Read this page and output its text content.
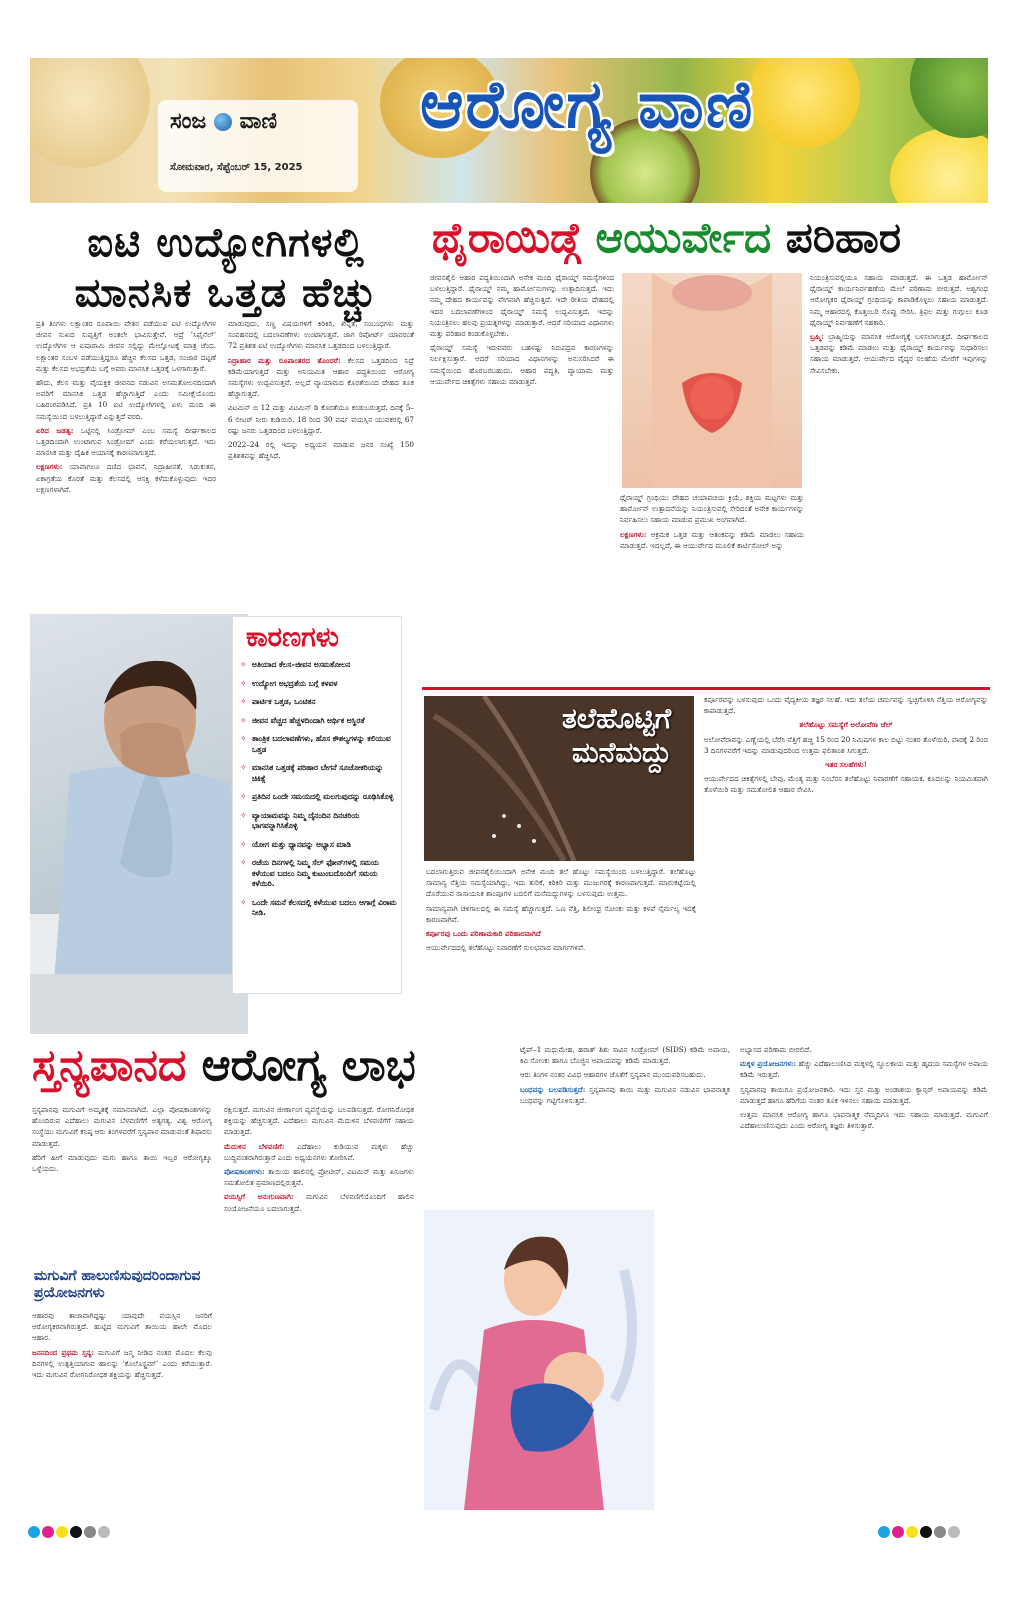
ಸಂಜ ವಾಣಿ
ಸೋಮವಾರ, ಸೆಪ್ಟೆಂಬರ್ 15, 2025
ಆರೋಗ್ಯ ವಾಣಿ
ಐಟಿ ಉದ್ಯೋಗಿಗಳಲ್ಲಿ
ಮಾನಸಿಕ ಒತ್ತಡ ಹೆಚ್ಚು

ಪ್ರತಿ ತಿಂಗಳು ಲಕ್ಷಾಂತರ ರೂಪಾಯಿ ವೇತನ ಪಡೆಯುವ ಐಟಿ ಉದ್ಯೋಗಿಗಳ ಜೀವನ ಸುಖದ ಸುಪ್ಪತ್ತಿಗೆ ಅಂತಲೇ ಭಾವಿಸುತ್ತೇವೆ. ಆದ್ರೆ 'ಸಿಫೈನೆಲ್' ಉದ್ಯೋಗಿಗಳ ಆ ಐಷಾರಾಮಿ ಜೀವನ ಸಲ್ಪಿದ್ದು ಮೇಲ್ನೋಟಕ್ಕೆ ಮಾತ್ರ ಚೆಂದ. ಲಕ್ಷಾಂತರ ಸಂಬಳ ಪಡೆಯುತ್ತಿದ್ದರೂ ಹೆಚ್ಚಿನ ಕೆಲಸದ ಒತ್ತಡ, ಸಂಜಾರ ದಟ್ಟಣೆ ಮತ್ತು ಕೆಲಸದ ಅಭದ್ರತೆಯ ಬಗ್ಗೆ ಅವರು ಮಾನಸಿಕ ಒತ್ತಡಕ್ಕೆ ಒಳಗಾಗುತ್ತಾರೆ.

ಹೌದು, ಕೆಲಸ ಮತ್ತು ವೈಯಕ್ತಿಕ ಜೀವನದ ನಡುವಿನ ಅಸಮತೋಲನದಿಂದಾಗಿ ಅವರಿಗೆ ಮಾನಸಿಕ ಒತ್ತಡ ಹೆಚ್ಚಾಗುತ್ತಿದೆ ಎಂದು ಸಮೀಕ್ಷೆಯೊಂದು ಬಹಿರಂಗಪಡಿಸಿದೆ. ಪ್ರತಿ 10 ಐಟಿ ಉದ್ಯೋಗಿಗಳಲ್ಲಿ ಏಳು ಮಂದಿ ಈ ಸಮಸ್ಯೆಯಿಂದ ಬಳಲುತ್ತಿದ್ದಾರೆ ಎನ್ನುತ್ತದೆ ವರದಿ.

ಏರಿದ ಜಡತ್ವ: ಒಟ್ಟಿನಲ್ಲಿ ಸಿಂಡ್ರೋಮ್ ಎಂಬ ಸಮಸ್ಯೆ ದೀರ್ಘಕಾಲದ ಒತ್ತಡದಿಂದಾಗಿ ಉಂಟಾಗುವ ಸಿಂಡ್ರೋಮ್ ಎಂದು ಕರೆಯಲಾಗುತ್ತದೆ. ಇದು ಮಾನಸಿಕ ಮತ್ತು ದೈಹಿಕ ಆಯಾಸಕ್ಕೆ ಕಾರಣವಾಗುತ್ತದೆ.

ಲಕ್ಷಣಗಳು: ಯಾವಾಗಲೂ ದಣಿದ ಭಾವನೆ, ನಿದ್ರಾಹೀನತೆ, ಸಿಡುಕುತನ, ಏಕಾಗ್ರತೆಯ ಕೊರತೆ ಮತ್ತು ಕೆಲಸದಲ್ಲಿ ಆಸಕ್ತಿ ಕಳೆದುಕೊಳ್ಳುವುದು ಇದರ ಲಕ್ಷಣಗಳಾಗಿವೆ.

ಮಾಡುವುದು, ಸಣ್ಣ ವಿಷಯಗಳಿಗೆ ಕಿರಿಕಿರಿ, ಖಿನ್ನತೆ, ಸಂಬಂಧಗಳು ಮತ್ತು ಸಂವಹನದಲ್ಲಿ ಬದಲಾವಣೆಗಳು ಉಂಟಾಗುತ್ತವೆ. ಜಾಗ ರಿಪೋರ್ಟ್ ಯಾವರಂತೆ 72 ಪ್ರತಿಶತ ಐಟಿ ಉದ್ಯೋಗಿಗಳು ಮಾನಸಿಕ ಒತ್ತಡದಿಂದ ಬಳಲುತ್ತಿದ್ದಾರೆ.

ನಿದ್ರಾಹಾರ ಮತ್ತು ರೂಪಾಂತರದ ತೊಂದರೆ: ಕೆಲಸದ ಒತ್ತಡದಿಂದ ನಿದ್ರೆ ಕಡಿಮೆಯಾಗುತ್ತದೆ ಮತ್ತು ಅನಿಯಮಿತ ಆಹಾರ ಪದ್ಧತಿಯಿಂದ ಆರೋಗ್ಯ ಸಮಸ್ಯೆಗಳು ಉದ್ಭವಿಸುತ್ತವೆ. ಅಲ್ಲದೆ ವ್ಯಾಯಾಮದ ಕೊರತೆಯಿಂದ ದೇಹದ ತೂಕ ಹೆಚ್ಚಾಗುತ್ತದೆ.

ವಿಟಮಿನ್ ಬಿ 12 ಮತ್ತು ವಿಟಮಿನ್ ಡಿ ಕೊರತೆಯೂ ಕಂಡುಬರುತ್ತದೆ. ದಿನಕ್ಕೆ 5–6 ಲೀಟರ್ ನೀರು ಕುಡಿಯಿರಿ. 18 ರಿಂದ 30 ವರ್ಷ ವಯಸ್ಸಿನ ಯುವಕರಲ್ಲಿ 67 ರಷ್ಟು ಜನರು ಒತ್ತಡದಿಂದ ಬಳಲುತ್ತಿದ್ದಾರೆ.

2022–24 ರಲ್ಲಿ ಇದನ್ನು ಅಧ್ಯಯನ ಮಾಡುವ ಜನರ ಸಂಖ್ಯೆ 150 ಪ್ರತಿಶತವನ್ನು ಹೆಚ್ಚಿಸಿದೆ.

ಕಾರಣಗಳು
✧ ಅತಿಯಾದ ಕೆಲಸ–ಜೀವನ ಅಸಮತೋಲನ
✧ ಉದ್ಯೋಗ ಅಭದ್ರತೆಯ ಬಗ್ಗೆ ಕಳವಳ
✧ ಪಾರ್ಟಿಕ ಒತ್ತಡ, ಒಂಟಿತನ
✧ ಜೀವನ ವೆಚ್ಚದ ಹೆಚ್ಚಳದಿಂದಾಗಿ ಆರ್ಥಿಕ ಅಸ್ಥಿರತೆ
✧ ತಾಂತ್ರಿಕ ಬದಲಾವಣೆಗಳು, ಹೊಸ ಕೌಶಲ್ಯಗಳನ್ನು ಕಲಿಯುವ ಒತ್ತಡ
✧ ಮಾನಸಿಕ ಒತ್ತಡಕ್ಕೆ ಪರಿಹಾರ ಬೇಗನೆ ಸೂಚೋಕರಿಯನ್ನು ಚಿಕಿತ್ಸೆ
✧ ಪ್ರತಿದಿನ ಒಂದೇ ಸಮಯದಲ್ಲಿ ಮಲಗುವುದನ್ನು ರೂಢಿಸಿಕೊಳ್ಳಿ
✧ ವ್ಯಾಯಾಮವನ್ನು ನಿಮ್ಮ ದೈನಂದಿನ ದಿನಚರಿಯ ಭಾಗವನ್ನಾಗಿಸಿಕೊಳ್ಳಿ
✧ ಯೋಗ ಮತ್ತು ಧ್ಯಾನವನ್ನು ಅಭ್ಯಾಸ ಮಾಡಿ
✧ ರಜೆಯ ದಿನಗಳಲ್ಲಿ ನಿಮ್ಮ ಸೆಲ್ ಫೋನ್‌ಗಳಲ್ಲಿ ಸಮಯ ಕಳೆಯುವ ಬದಲು ನಿಮ್ಮ ಕುಟುಂಬದೊಂದಿಗೆ ಸಮಯ ಕಳೆಯಿರಿ.
✧ ಒಂದೇ ಸಮನೆ ಕೆಲಸದಲ್ಲಿ ಕಳೆಯುವ ಬದಲು ಆಗಾಗ್ಗೆ ವಿರಾಮ ನೀಡಿ.
ಥೈರಾಯಿಡ್ ಆಯುರ್ವೇದ ಪರಿಹಾರ

ಜೀವನಶೈಲಿ ಆಹಾರ ಪದ್ಧತಿಯಿಂದಾಗಿ ಅನೇಕ ಮಂದಿ ಥೈರಾಯ್ಡ್ ಸಮಸ್ಯೆಗಳಿಂದ ಬಳಲುತ್ತಿದ್ದಾರೆ. ಥೈರಾಯ್ಡ್ ನಮ್ಮ ಹಾರ್ಮೋನುಗಳನ್ನು ಉತ್ಪಾದಿಸುತ್ತದೆ. ಇದು ನಮ್ಮ ದೇಹದ ಕಾರ್ಯವನ್ನು ವೇಗವಾಗಿ ಹೆಚ್ಚಿಸುತ್ತದೆ. ಇದೇ ರೀತಿಯ ದೇಹದಲ್ಲಿ ಇದರ ಬದಲಾವಣೆಗಳಿಂದ ಥೈರಾಯ್ಡ್ ಸಮಸ್ಯೆ ಉದ್ಭವಿಸುತ್ತದೆ. ಇದನ್ನು ನಿಯಂತ್ರಿಸಲು ಹಲವು ಪ್ರಯತ್ನಗಳನ್ನು ಮಾಡುತ್ತಾರೆ. ಆದರೆ ಸರಿಯಾದ ವಿಧಾನಗಳು ಮತ್ತು ಪರಿಹಾರ ಕಂಡುಕೊಳ್ಳಬೇಕು.

ಥೈರಾಯ್ಡ್ ಸಮಸ್ಯೆ ಇರುವವರು ಬಹಳಷ್ಟು ನಿರುಪದ್ರವ ಕಾರಣಗಳನ್ನು ನಿರ್ಲಕ್ಷಿಸುತ್ತಾರೆ. ಆದರೆ ಸರಿಯಾದ ವಿಧಾನಗಳನ್ನು ಅನುಸರಿಸಿದರೆ ಈ ಸಮಸ್ಯೆಯಿಂದ ಹೊರಬರಬಹುದು. ಆಹಾರ ಪದ್ಧತಿ, ವ್ಯಾಯಾಮ ಮತ್ತು ಆಯುರ್ವೇದ ಚಿಕಿತ್ಸೆಗಳು ಸಹಾಯ ಮಾಡುತ್ತವೆ.

ಥೈರಾಯ್ಡ್ ಗ್ರಂಥಿಯು ದೇಹದ ಚಯಾಪಚಯ ಕ್ರಿಯೆ, ಶಕ್ತಿಯ ಮಟ್ಟಗಳು ಮತ್ತು ಹಾರ್ಮೋನ್ ಉತ್ಪಾದನೆಯನ್ನು ನಿಯಂತ್ರಿಸುವಲ್ಲಿ ಸೇರಿದಂತೆ ಅನೇಕ ಕಾರ್ಯಗಳನ್ನು ನಿರ್ವಹಿಸಲು ಸಹಾಯ ಮಾಡುವ ಪ್ರಮುಖ ಅಂಗವಾಗಿದೆ.

ಲಕ್ಷಣಗಳು: ಆಕ್ರಮಕ ಒತ್ತಡ ಮತ್ತು ಆತಂಕವನ್ನು ಕಡಿಮೆ ಮಾಡಲು ಸಹಾಯ ಮಾಡುತ್ತದೆ. ಇದಲ್ಲದೆ, ಈ ಆಯುರ್ವೇದ ಮೂಲಿಕೆ ಕಾರ್ಟಿಸೋಲ್ ಅನ್ನು

ನಿಯಂತ್ರಿಸುವಲ್ಲಿಯೂ ಸಹಾಯ ಮಾಡುತ್ತದೆ. ಈ ಒತ್ತಡ ಹಾರ್ಮೋನ್ ಥೈರಾಯ್ಡ್ ಕಾರ್ಯನಿರ್ವಹಣೆಯ ಮೇಲೆ ಪರಿಣಾಮ ಬೀರುತ್ತದೆ. ಅಶ್ವಗಂಧ ಆರೋಗ್ಯಕರ ಥೈರಾಯ್ಡ್ ಗ್ರಂಥಿಯನ್ನು ಕಾಪಾಡಿಕೊಳ್ಳಲು ಸಹಾಯ ಮಾಡುತ್ತದೆ. ನಿಮ್ಮ ಆಹಾರದಲ್ಲಿ ಕೊತ್ತಂಬರಿ ಸೊಪ್ಪು ಸೇರಿಸಿ. ತ್ರಿಫಲ ಮತ್ತು ಗುಗ್ಗುಲು ಕೂಡ ಥೈರಾಯ್ಡ್ ನಿರ್ವಹಣೆಗೆ ಸಹಕಾರಿ.

ಬ್ರಹ್ಮಿ: ಬ್ರಾಹ್ಮಿಯನ್ನು ಮಾನಸಿಕ ಆರೋಗ್ಯಕ್ಕೆ ಬಳಸಲಾಗುತ್ತದೆ. ದೀರ್ಘಕಾಲದ ಒತ್ತಡವನ್ನು ಕಡಿಮೆ ಮಾಡಲು ಮತ್ತು ಥೈರಾಯ್ಡ್ ಕಾರ್ಯವನ್ನು ಸುಧಾರಿಸಲು ಸಹಾಯ ಮಾಡುತ್ತದೆ. ಆಯುರ್ವೇದ ವೈದ್ಯರ ಸಲಹೆಯ ಮೇರೆಗೆ ಇವುಗಳನ್ನು ಸೇವಿಸಬೇಕು.

ತಲೆಹೊಟ್ಟಿಗೆ
ಮನೆಮದ್ದು

ಬದಲಾಗುತ್ತಿರುವ ಜೀವನಶೈಲಿಯಿಂದಾಗಿ ಅನೇಕ ಮಂದಿ ತಲೆ ಹೊಟ್ಟು ಸಮಸ್ಯೆಯಿಂದ ಬಳಲುತ್ತಿದ್ದಾರೆ. ತಲೆಹೊಟ್ಟು ಸಾಮಾನ್ಯ ನೆತ್ತಿಯ ಸಮಸ್ಯೆಯಾಗಿದ್ದು, ಇದು ತುರಿಕೆ, ಕಿರಿಕಿರಿ ಮತ್ತು ಮುಜುಗರಕ್ಕೆ ಕಾರಣವಾಗುತ್ತದೆ. ಮಾರುಕಟ್ಟೆಯಲ್ಲಿ ದೊರೆಯುವ ರಾಸಾಯನಿಕ ಶಾಂಪೂಗಳ ಬದಲಿಗೆ ಮನೆಮದ್ದುಗಳನ್ನು ಬಳಸುವುದು ಉತ್ತಮ.

ಸಾಮಾನ್ಯವಾಗಿ ಚಳಿಗಾಲದಲ್ಲಿ ಈ ಸಮಸ್ಯೆ ಹೆಚ್ಚಾಗುತ್ತದೆ. ಒಣ ನೆತ್ತಿ, ಶಿಲೀಂಧ್ರ ಸೋಂಕು ಮತ್ತು ಕಳಪೆ ನೈರ್ಮಲ್ಯ ಇದಕ್ಕೆ ಕಾರಣವಾಗಿವೆ.

ಕರ್ಪೂರವು ಒಂದು ಪರಿಣಾಮಕಾರಿ ಪರಿಹಾರವಾಗಿದೆ

ಆಯುರ್ವೇದದಲ್ಲಿ ತಲೆಹೊಟ್ಟು ನಿವಾರಣೆಗೆ ಸುಲಭವಾದ ಮಾರ್ಗಗಳಿವೆ.

ಕರ್ಪೂರವನ್ನು ಬಳಸುವುದು ಒಂದು ವೈದ್ಯಕೀಯ ತಜ್ಞರ ಸಲಹೆ. ಇದು ತಲೆಯ ಚರ್ಮವನ್ನು ಸ್ವಚ್ಛಗೊಳಿಸಿ ನೆತ್ತಿಯ ಆರೋಗ್ಯವನ್ನು ಕಾಪಾಡುತ್ತದೆ.

ತಲೆಹೊಟ್ಟು ಸಮಸ್ಯೆಗೆ ಅಲೋವೆರಾ ಜೆಲ್

ಅಲೋವೆರಾವನ್ನು ಎಣ್ಣೆಯಲ್ಲಿ ಬೆರೆಸಿ ನೆತ್ತಿಗೆ ಹಚ್ಚಿ 15 ರಿಂದ 20 ನಿಮಿಷಗಳ ಕಾಲ ಬಿಟ್ಟು ನಂತರ ತೊಳೆಯಿರಿ. ವಾರಕ್ಕೆ 2 ರಿಂದ 3 ದಿನಗಳವರೆಗೆ ಇದನ್ನು ಮಾಡುವುದರಿಂದ ಉತ್ತಮ ಫಲಿತಾಂಶ ಸಿಗುತ್ತದೆ.

ಇತರ ಸಲಹೆಗಳು!

ಆಯುರ್ವೇದದ ಚಿಕಿತ್ಸೆಗಳಲ್ಲಿ ಬೇವು, ಮೆಂತ್ಯ ಮತ್ತು ನಿಂಬೆರಸ ತಲೆಹೊಟ್ಟು ನಿವಾರಣೆಗೆ ಸಹಾಯಕ. ಕೂದಲನ್ನು ನಿಯಮಿತವಾಗಿ ತೊಳೆಯಿರಿ ಮತ್ತು ಸಮತೋಲಿತ ಆಹಾರ ಸೇವಿಸಿ.

ಸ್ತನ್ಯಪಾನದ ಆರೋಗ್ಯ ಲಾಭ

ಸ್ತನ್ಯಪಾನವು ಮಗುವಿಗೆ ಅಮೃತಕ್ಕೆ ಸಮಾನವಾಗಿದೆ. ಎಲ್ಲಾ ಪೋಷಕಾಂಶಗಳನ್ನು ಹೊಂದಿರುವ ಎದೆಹಾಲು ಮಗುವಿನ ಬೆಳವಣಿಗೆಗೆ ಅತ್ಯಗತ್ಯ. ವಿಶ್ವ ಆರೋಗ್ಯ ಸಂಸ್ಥೆಯು ಮಗುವಿಗೆ ಕನಿಷ್ಠ ಆರು ತಿಂಗಳವರೆಗೆ ಸ್ತನ್ಯಪಾನ ಮಾಡುವಂತೆ ಶಿಫಾರಸು ಮಾಡುತ್ತದೆ.

ಹೆರಿಗೆ ಹೀಗೆ ಮಾಡುವುದು ಮಗು ಹಾಗೂ ತಾಯಿ ಇಬ್ಬರ ಆರೋಗ್ಯಕ್ಕೂ ಒಳ್ಳೆಯದು.

ಮಗುವಿಗೆ ಹಾಲುಣಿಸುವುದರಿಂದಾಗುವ ಪ್ರಯೋಜನಗಳು

ಆಹಾರವು ತಾಜಾವಾಗಿದ್ದಷ್ಟು ಯಾವುದೇ ವಯಸ್ಸಿನ ಜನರಿಗೆ ಆರೋಗ್ಯಕರವಾಗಿರುತ್ತದೆ. ಹುಟ್ಟಿದ ಮಗುವಿಗೆ ತಾಯಿಯ ಹಾಲೇ ಮೊದಲ ಆಹಾರ.

ಜನನದಿಂದ ಪ್ರಥಮ ಸ್ತನ್ಯ: ಮಗುವಿಗೆ ಜನ್ಮ ನೀಡಿದ ನಂತರ ಮೊದಲ ಕೆಲವು ದಿನಗಳಲ್ಲಿ ಉತ್ಪತ್ತಿಯಾಗುವ ಹಾಲನ್ನು 'ಕೊಲೊಸ್ಟ್ರಮ್' ಎಂದು ಕರೆಯುತ್ತಾರೆ. ಇದು ಮಗುವಿನ ರೋಗನಿರೋಧಕ ಶಕ್ತಿಯನ್ನು ಹೆಚ್ಚಿಸುತ್ತದೆ.

ರಕ್ಷಿಸುತ್ತದೆ. ಮಗುವಿನ ಜೀರ್ಣಾಂಗ ವ್ಯವಸ್ಥೆಯನ್ನು ಬಲಪಡಿಸುತ್ತದೆ. ರೋಗನಿರೋಧಕ ಶಕ್ತಿಯನ್ನು ಹೆಚ್ಚಿಸುತ್ತದೆ. ಎದೆಹಾಲು ಮಗುವಿನ ಮೆದುಳಿನ ಬೆಳವಣಿಗೆಗೆ ಸಹಾಯ ಮಾಡುತ್ತದೆ.

ಮೆದುಳಿನ ಬೆಳವಣಿಗೆ: ಎದೆಹಾಲು ಕುಡಿಯುವ ಮಕ್ಕಳು ಹೆಚ್ಚು ಬುದ್ಧಿವಂತರಾಗಿರುತ್ತಾರೆ ಎಂದು ಅಧ್ಯಯನಗಳು ತೋರಿಸಿವೆ.

ಪೋಷಕಾಂಶಗಳು: ತಾಯಿಯ ಹಾಲಿನಲ್ಲಿ ಪ್ರೋಟೀನ್, ವಿಟಮಿನ್ ಮತ್ತು ಖನಿಜಗಳು ಸಮತೋಲಿತ ಪ್ರಮಾಣದಲ್ಲಿರುತ್ತವೆ.

ವಯಸ್ಸಿಗೆ ಅನುಗುಣವಾಗಿ: ಮಗುವಿನ ಬೆಳವಣಿಗೆಯೊಂದಿಗೆ ಹಾಲಿನ ಸಂಯೋಜನೆಯೂ ಬದಲಾಗುತ್ತದೆ.

ಟೈಪ್–1 ಮಧುಮೇಹ, ಹಠಾತ್ ಶಿಶು ಸಾವಿನ ಸಿಂಡ್ರೋಮ್ (SIDS) ಕಡಿಮೆ ಅಪಾಯ, ಕಿವಿ ಸೋಂಕು ಹಾಗೂ ಬೊಜ್ಜಿನ ಅಪಾಯವನ್ನು ಕಡಿಮೆ ಮಾಡುತ್ತದೆ.

ಆರು ತಿಂಗಳ ನಂತರ ವಿವಿಧ ಆಹಾರಗಳ ಜೊತೆಗೆ ಸ್ತನ್ಯಪಾನ ಮುಂದುವರಿಸಬಹುದು.

ಬಂಧವನ್ನು ಬಲಪಡಿಸುತ್ತದೆ: ಸ್ತನ್ಯಪಾನವು ತಾಯಿ ಮತ್ತು ಮಗುವಿನ ನಡುವಿನ ಭಾವನಾತ್ಮಕ ಬಂಧವನ್ನು ಗಟ್ಟಿಗೊಳಿಸುತ್ತದೆ.

ಅಭ್ಯಾಸದ ಪರಿಣಾಮ ಬೀರಲಿದೆ.

ಮಕ್ಕಳ ಪ್ರಯೋಜನಗಳು: ಹೆಚ್ಚು ಎದೆಹಾಲುಣಿಸಿದ ಮಕ್ಕಳಲ್ಲಿ ಸ್ಥೂಲಕಾಯ ಮತ್ತು ಹೃದಯ ಸಮಸ್ಯೆಗಳ ಅಪಾಯ ಕಡಿಮೆ ಇರುತ್ತದೆ.

ಸ್ತನ್ಯಪಾನವು ತಾಯಿಗೂ ಪ್ರಯೋಜನಕಾರಿ. ಇದು ಸ್ತನ ಮತ್ತು ಅಂಡಾಶಯ ಕ್ಯಾನ್ಸರ್ ಅಪಾಯವನ್ನು ಕಡಿಮೆ ಮಾಡುತ್ತದೆ ಹಾಗೂ ಹೆರಿಗೆಯ ನಂತರ ತೂಕ ಇಳಿಸಲು ಸಹಾಯ ಮಾಡುತ್ತದೆ.

ಉತ್ತಮ ಮಾನಸಿಕ ಆರೋಗ್ಯ ಹಾಗೂ ಭಾವನಾತ್ಮಕ ನೆಮ್ಮದಿಗೂ ಇದು ಸಹಾಯ ಮಾಡುತ್ತದೆ. ಮಗುವಿಗೆ ಎದೆಹಾಲುಣಿಸುವುದು ಎಂದು ಆರೋಗ್ಯ ತಜ್ಞರು ತಿಳಿಸುತ್ತಾರೆ.
